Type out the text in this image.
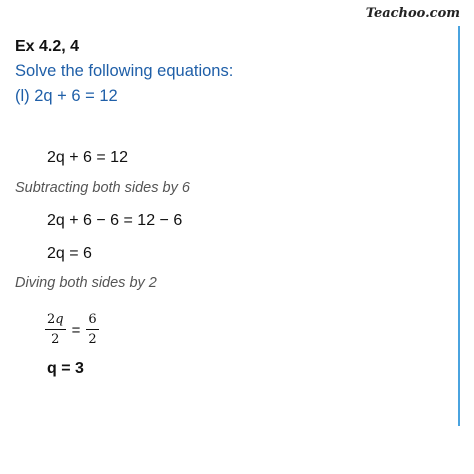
Teachoo.com
Ex 4.2, 4
Solve the following equations:
(l) 2q + 6 = 12
2q + 6 = 12
Subtracting both sides by 6
2q + 6 − 6 = 12 − 6
2q = 6
Diving both sides by 2
$\frac{2q}{2} = \frac{6}{2}$
q = 3
